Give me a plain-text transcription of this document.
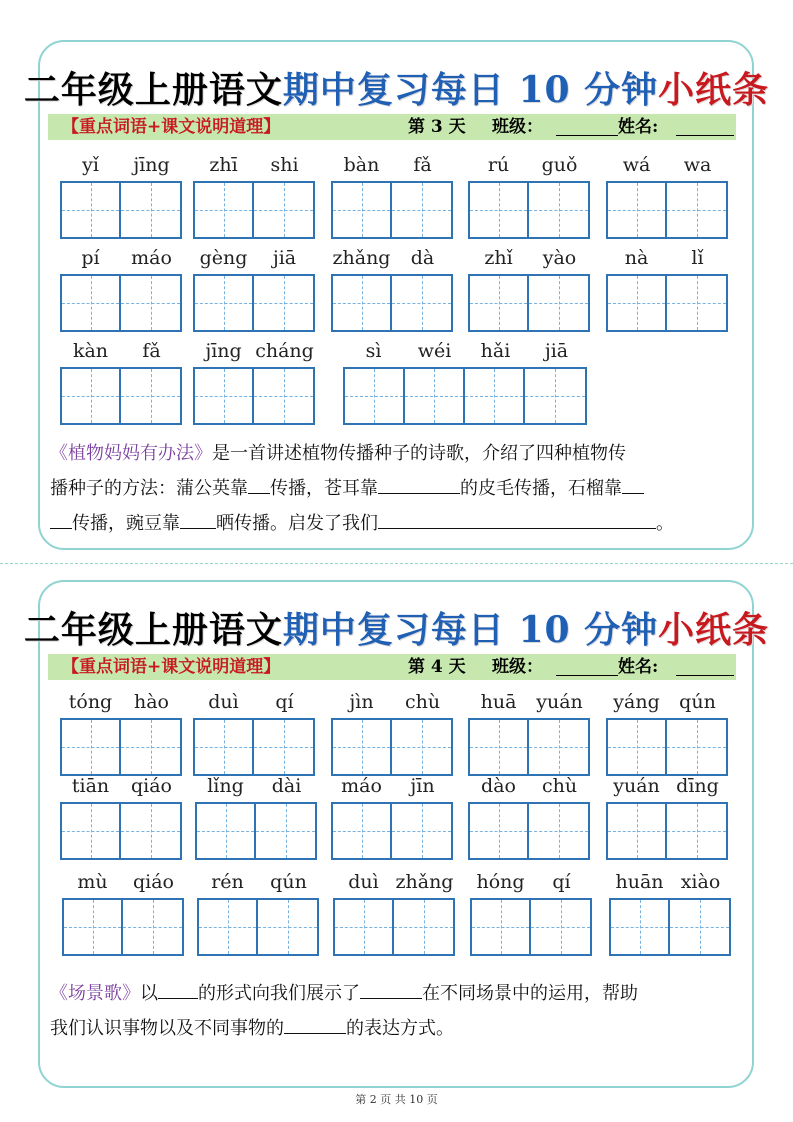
二年级上册语文期中复习每日 10 分钟小纸条
【重点词语+课文说明道理】	第 3 天 班级：	姓名:
yǐ	jīng	zhī	shi	bàn	fǎ	rú	guǒ	wá	wa
pí	máo	gèng	jiā	zhǎng	dà	zhǐ	yào	nà	lǐ
kàn	fǎ	jīng cháng	sì	wéi	hǎi	jiā
《植物妈妈有办法》是一首讲述植物传播种子的诗歌，介绍了四种植物传
播种子的方法：蒲公英靠 传播，苍耳靠	的皮毛传播，石榴靠
传播，豌豆靠 晒传播。启发了我们	。
二年级上册语文期中复习每日 10 分钟小纸条
【重点词语+课文说明道理】	第 4 天 班级：	姓名:
tóng	hào	duì	qí	jìn	chù	huā	yuán	yáng	qún
tiān	qiáo	lǐng	dài	máo	jīn	dào	chù	yuán dīng
mù	qiáo	rén	qún	duì zhǎng	hóng	qí	huān xiào
《场景歌》以 的形式向我们展示了	在不同场景中的运用，帮助
我们认识事物以及不同事物的	的表达方式。
第 2 页 共 10 页
